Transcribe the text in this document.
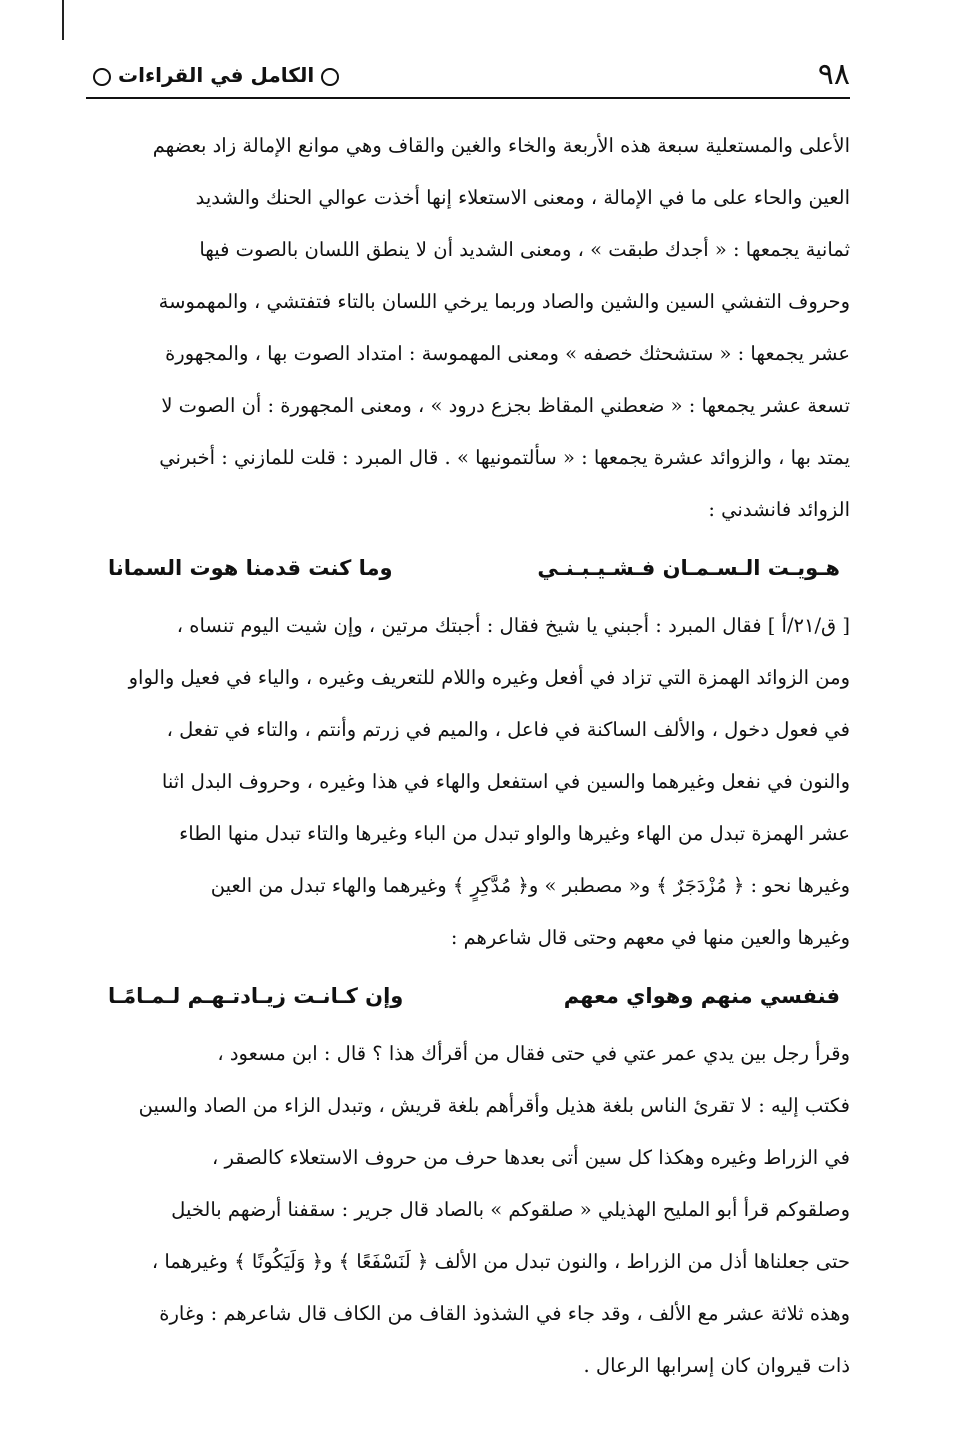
٩٨
الكامل في القراءات
الأعلى والمستعلية سبعة هذه الأربعة والخاء والغين والقاف وهي موانع الإمالة زاد بعضهم
العين والحاء على ما في الإمالة ، ومعنى الاستعلاء إنها أخذت عوالي الحنك والشديد
ثمانية يجمعها : « أجدك طبقت » ، ومعنى الشديد أن لا ينطق اللسان بالصوت فيها
وحروف التفشي السين والشين والصاد وربما يرخي اللسان بالتاء فتفتشي ، والمهموسة
عشر يجمعها : « ستشحثك خصفه » ومعنى المهموسة : امتداد الصوت بها ، والمجهورة
تسعة عشر يجمعها : « ضعطني المقاظ بجزع درود » ، ومعنى المجهورة : أن الصوت لا
يمتد بها ، والزوائد عشرة يجمعها : « سألتمونيها » . قال المبرد : قلت للمازني : أخبرني
الزوائد فانشدني :
هـويـت الـسـمـان فـشـيـبـنـي
وما كنت قدمنا هوت السمانا
[ ق/٢١/أ ] فقال المبرد : أجبني يا شيخ فقال : أجبتك مرتين ، وإن شيت اليوم تنساه ،
ومن الزوائد الهمزة التي تزاد في أفعل وغيره واللام للتعريف وغيره ، والياء في فعيل والواو
في فعول دخول ، والألف الساكنة في فاعل ، والميم في زرتم وأنتم ، والتاء في تفعل ،
والنون في نفعل وغيرهما والسين في استفعل والهاء في هذا وغيره ، وحروف البدل اثنا
عشر الهمزة تبدل من الهاء وغيرها والواو تبدل من الباء وغيرها والتاء تبدل منها الطاء
وغيرها نحو : ﴿ مُزْدَجَرٌ ﴾ و« مصطبر » و﴿ مُدَّكِرٍ ﴾ وغيرهما والهاء تبدل من العين
وغيرها والعين منها في معهم وحتى قال شاعرهم :
فنفسي منهم وهواي معهم
وإن كـانـت زيـادتـهـم لـمـامًـا
وقرأ رجل بين يدي عمر عتي في حتى فقال من أقرأك هذا ؟ قال : ابن مسعود ،
فكتب إليه : لا تقرئ الناس بلغة هذيل وأقرأهم بلغة قريش ، وتبدل الزاء من الصاد والسين
في الزراط وغيره وهكذا كل سين أتى بعدها حرف من حروف الاستعلاء كالصقر ،
وصلقوكم قرأ أبو المليح الهذيلي « صلقوكم » بالصاد قال جرير : سقفنا أرضهم بالخيل
حتى جعلناها أذل من الزراط ، والنون تبدل من الألف ﴿ لَنَسْفَعًا ﴾ و﴿ وَلَيَكُونًا ﴾ وغيرهما ،
وهذه ثلاثة عشر مع الألف ، وقد جاء في الشذوذ القاف من الكاف قال شاعرهم : وغارة
ذات قيروان كان إسرابها الرعال .
